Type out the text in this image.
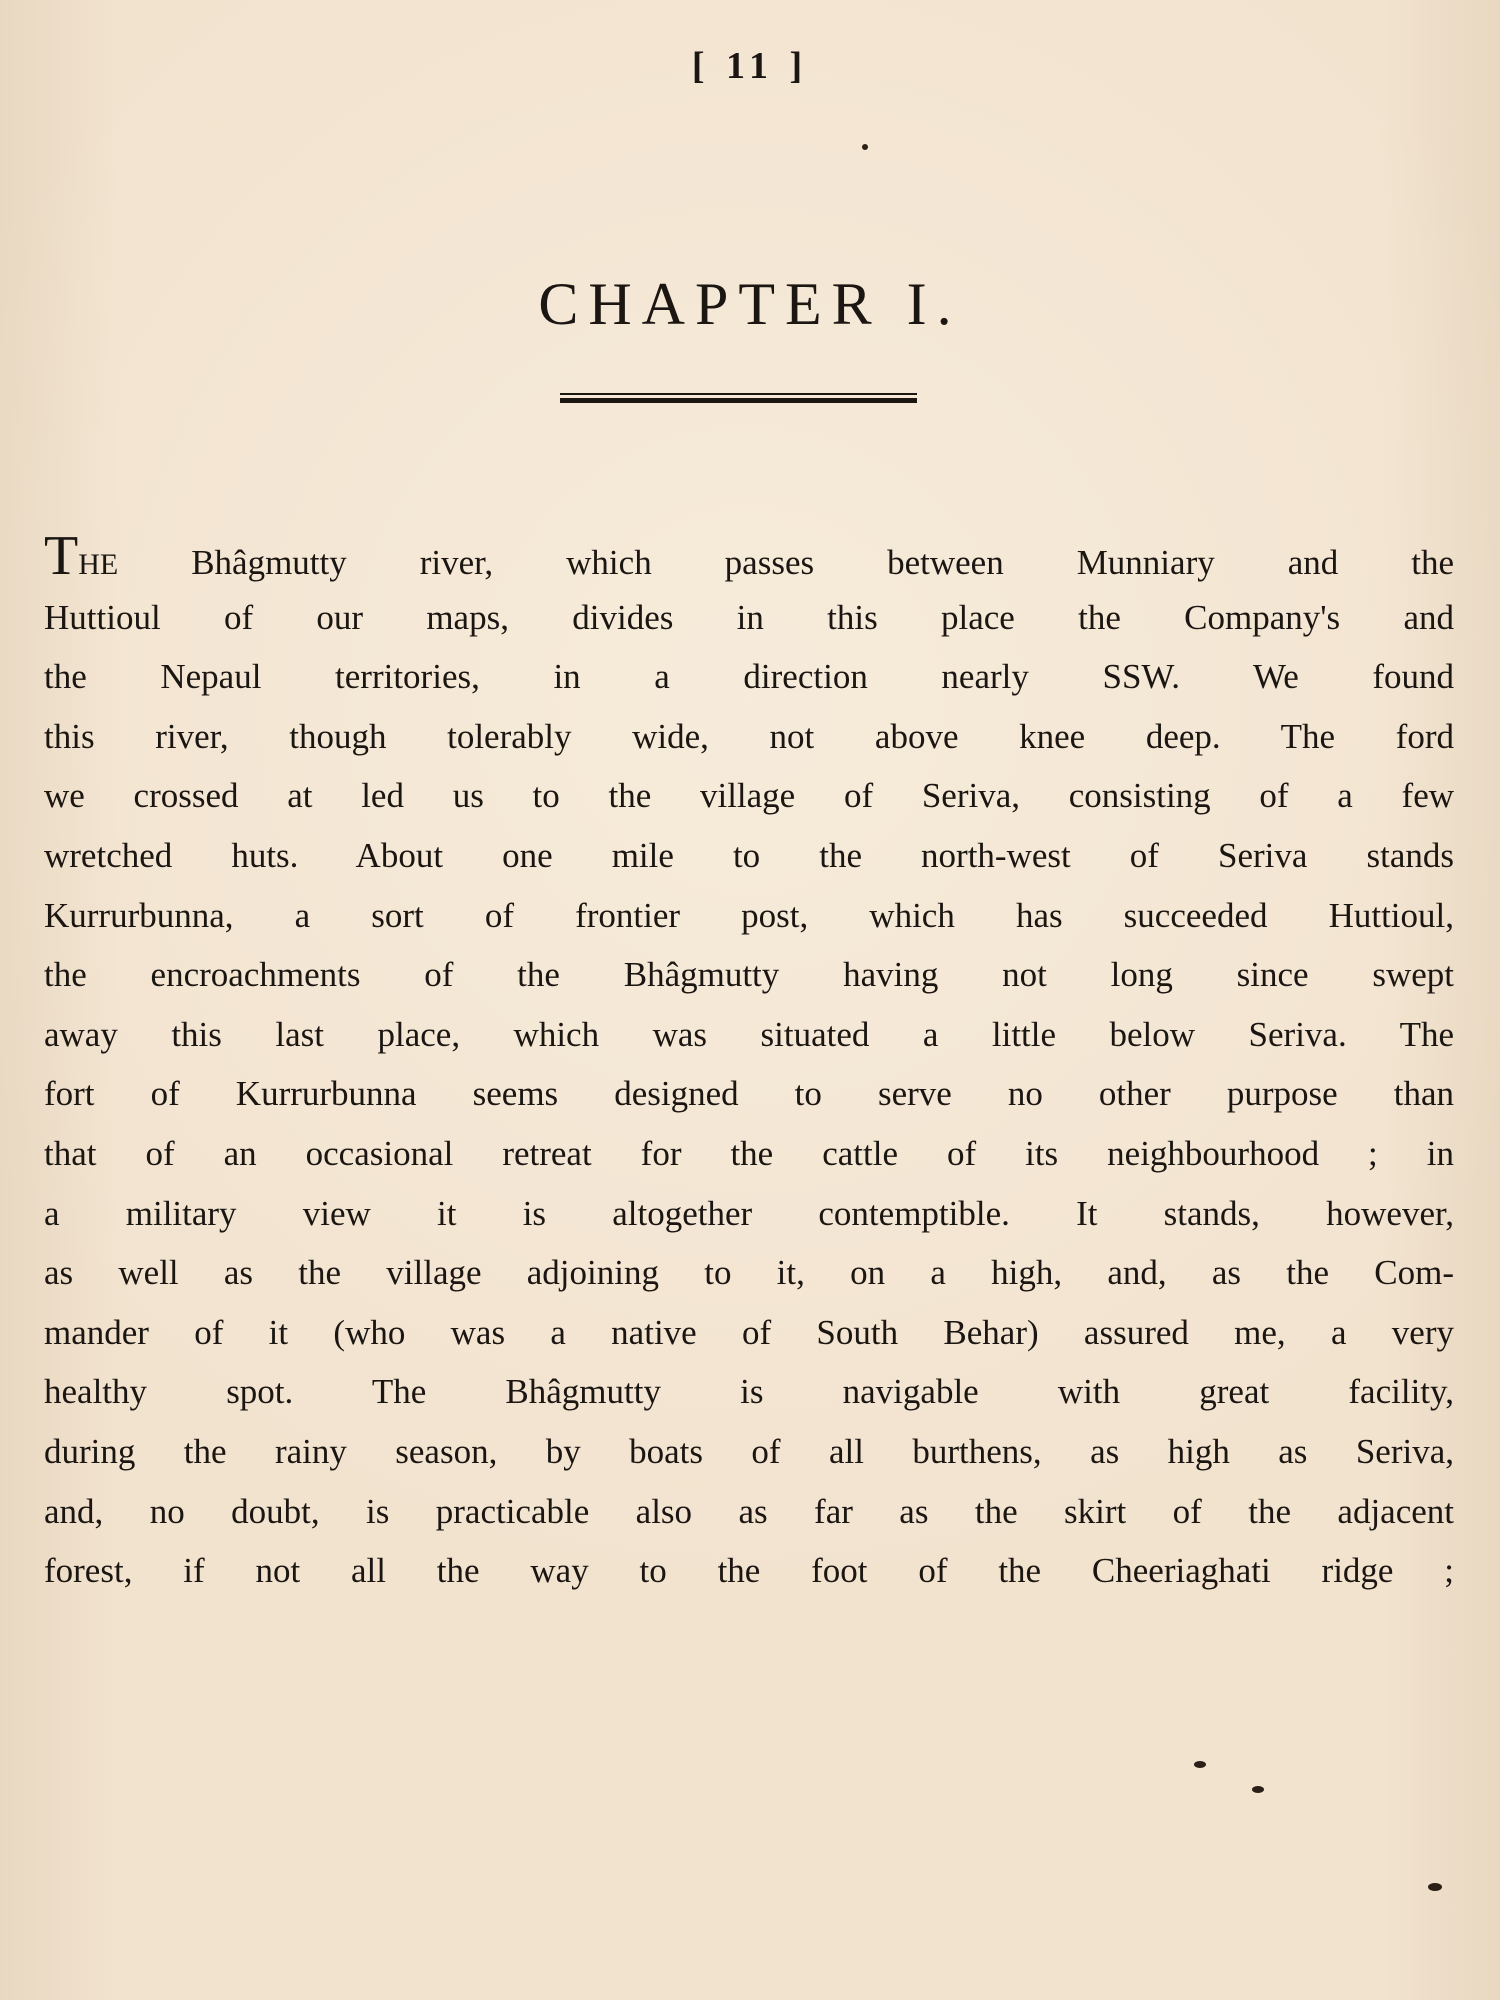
[ 11 ]
CHAPTER I.
THE Bhâgmutty river, which passes between Munniary and the
Huttioul of our maps, divides in this place the Company's and
the Nepaul territories, in a direction nearly SSW. We found
this river, though tolerably wide, not above knee deep. The ford
we crossed at led us to the village of Seriva, consisting of a few
wretched huts. About one mile to the north-west of Seriva stands
Kurrurbunna, a sort of frontier post, which has succeeded Huttioul,
the encroachments of the Bhâgmutty having not long since swept
away this last place, which was situated a little below Seriva. The
fort of Kurrurbunna seems designed to serve no other purpose than
that of an occasional retreat for the cattle of its neighbourhood ; in
a military view it is altogether contemptible. It stands, however,
as well as the village adjoining to it, on a high, and, as the Com-
mander of it (who was a native of South Behar) assured me, a very
healthy spot. The Bhâgmutty is navigable with great facility,
during the rainy season, by boats of all burthens, as high as Seriva,
and, no doubt, is practicable also as far as the skirt of the adjacent
forest, if not all the way to the foot of the Cheeriaghati ridge ;
